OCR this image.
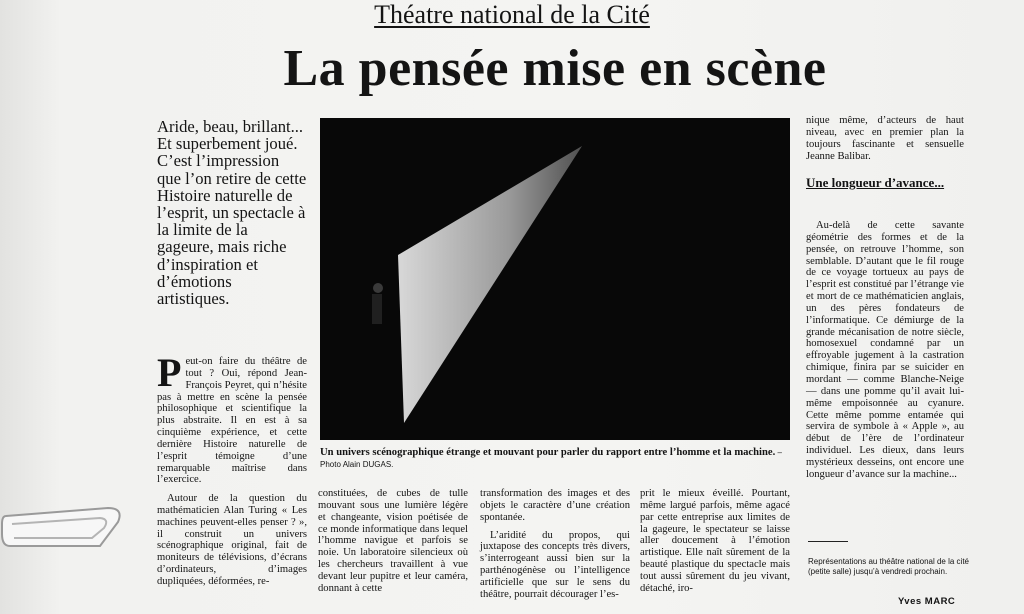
Théatre national de la Cité
La pensée mise en scène

Aride, beau, brillant... Et superbement joué. C’est l’impression que l’on retire de cette Histoire naturelle de l’esprit, un spectacle à la limite de la gageure, mais riche d’inspiration et d’émotions artistiques.

Peut-on faire du théâtre de tout ? Oui, répond Jean-François Peyret, qui n’hésite pas à mettre en scène la pensée philosophique et scientifique la plus abstraite. Il en est à sa cinquième expérience, et cette dernière Histoire naturelle de l’esprit témoigne d’une remarquable maîtrise dans l’exercice.

Autour de la question du mathématicien Alan Turing « Les machines peuvent-elles penser ? », il construit un univers scénographique original, fait de moniteurs de télévisions, d’écrans d’ordinateurs, d’images dupliquées, déformées, re-

Un univers scénographique étrange et mouvant pour parler du rapport entre l’homme et la machine. – Photo Alain DUGAS.

constituées, de cubes de tulle mouvant sous une lumière légère et changeante, vision poétisée de ce monde informatique dans lequel l’homme navigue et parfois se noie. Un laboratoire silencieux où les chercheurs travaillent à vue devant leur pupitre et leur caméra, donnant à cette

transformation des images et des objets le caractère d’une création spontanée.

L’aridité du propos, qui juxtapose des concepts très divers, s’interrogeant aussi bien sur la parthénogénèse ou l’intelligence artificielle que sur le sens du théâtre, pourrait décourager l’es-

prit le mieux éveillé. Pourtant, même largué parfois, même agacé par cette entreprise aux limites de la gageure, le spectateur se laisse aller doucement à l’émotion artistique. Elle naît sûrement de la beauté plastique du spectacle mais tout aussi sûrement du jeu vivant, détaché, iro-

nique même, d’acteurs de haut niveau, avec en premier plan la toujours fascinante et sensuelle Jeanne Balibar.

Une longueur d’avance...

Au-delà de cette savante géométrie des formes et de la pensée, on retrouve l’homme, son semblable. D’autant que le fil rouge de ce voyage tortueux au pays de l’esprit est constitué par l’étrange vie et mort de ce mathématicien anglais, un des pères fondateurs de l’informatique. Ce démiurge de la grande mécanisation de notre siècle, homosexuel condamné par un effroyable jugement à la castration chimique, finira par se suicider en mordant — comme Blanche-Neige — dans une pomme qu’il avait lui-même empoisonnée au cyanure. Cette même pomme entamée qui servira de symbole à « Apple », au début de l’ère de l’ordinateur individuel. Les dieux, dans leurs mystérieux desseins, ont encore une longueur d’avance sur la machine...

Représentations au théâtre national de la cité (petite salle) jusqu’à vendredi prochain.
Yves MARC
